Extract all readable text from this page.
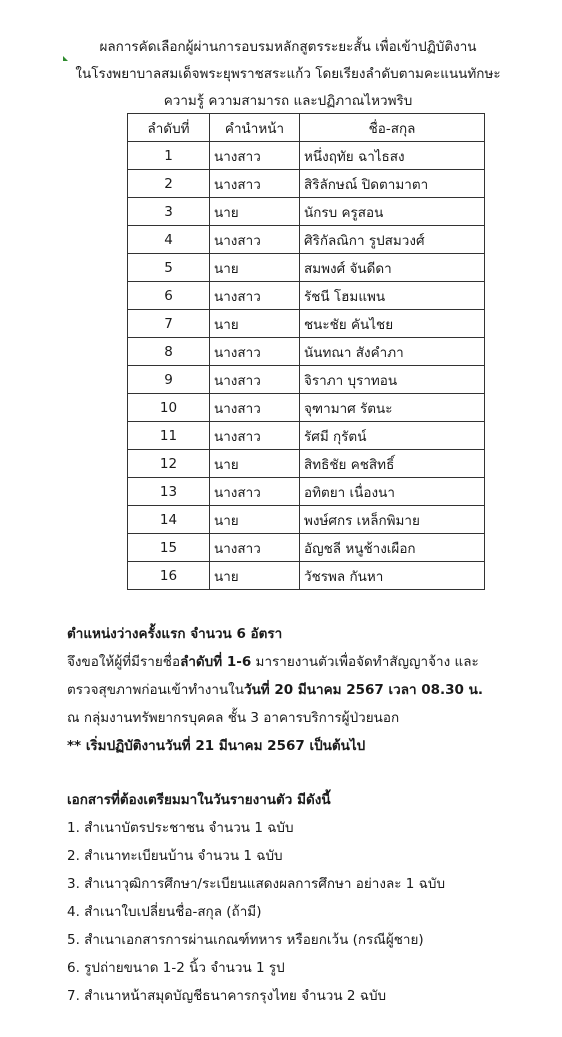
ผลการคัดเลือกผู้ผ่านการอบรมหลักสูตรระยะสั้น เพื่อเข้าปฏิบัติงาน
ในโรงพยาบาลสมเด็จพระยุพราชสระแก้ว โดยเรียงลำดับตามคะแนนทักษะ
ความรู้ ความสามารถ และปฏิภาณไหวพริบ
ลำดับที่	คำนำหน้า	ชื่อ-สกุล
1	นางสาว	หนึ่งฤทัย ฉาไธสง
2	นางสาว	สิริลักษณ์ ปิดตามาตา
3	นาย	นักรบ ครูสอน
4	นางสาว	ศิริกัลณิกา รูปสมวงศ์
5	นาย	สมพงศ์ จันดีดา
6	นางสาว	รัชนี โฮมแพน
7	นาย	ชนะชัย คันไชย
8	นางสาว	นันทณา สังคำภา
9	นางสาว	จิราภา บุราทอน
10	นางสาว	จุฑามาศ รัตนะ
11	นางสาว	รัศมี กุรัตน์
12	นาย	สิทธิชัย คชสิทธิ์
13	นางสาว	อทิตยา เนื่องนา
14	นาย	พงษ์ศกร เหล็กพิมาย
15	นางสาว	อัญชลี หนูช้างเผือก
16	นาย	วัชรพล กันหา
ตำแหน่งว่างครั้งแรก จำนวน 6 อัตรา
จึงขอให้ผู้ที่มีรายชื่อลำดับที่ 1-6 มารายงานตัวเพื่อจัดทำสัญญาจ้าง และ
ตรวจสุขภาพก่อนเข้าทำงานในวันที่ 20 มีนาคม 2567 เวลา 08.30 น.
ณ กลุ่มงานทรัพยากรบุคคล ชั้น 3 อาคารบริการผู้ป่วยนอก
** เริ่มปฏิบัติงานวันที่ 21 มีนาคม 2567 เป็นต้นไป
เอกสารที่ต้องเตรียมมาในวันรายงานตัว มีดังนี้
1. สำเนาบัตรประชาชน จำนวน 1 ฉบับ
2. สำเนาทะเบียนบ้าน จำนวน 1 ฉบับ
3. สำเนาวุฒิการศึกษา/ระเบียนแสดงผลการศึกษา อย่างละ 1 ฉบับ
4. สำเนาใบเปลี่ยนชื่อ-สกุล (ถ้ามี)
5. สำเนาเอกสารการผ่านเกณฑ์ทหาร หรือยกเว้น (กรณีผู้ชาย)
6. รูปถ่ายขนาด 1-2 นิ้ว จำนวน 1 รูป
7. สำเนาหน้าสมุดบัญชีธนาคารกรุงไทย จำนวน 2 ฉบับ
